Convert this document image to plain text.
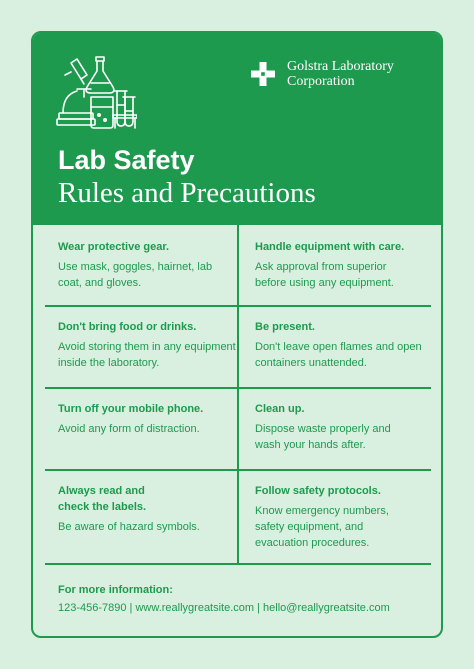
Golstra Laboratory
Corporation
Lab Safety
Rules and Precautions
Wear protective gear.
Use mask, goggles, hairnet, lab coat, and gloves.
Handle equipment with care.
Ask approval from superior before using any equipment.
Don't bring food or drinks.
Avoid storing them in any equipment inside the laboratory.
Be present.
Don't leave open flames and open containers unattended.
Turn off your mobile phone.
Avoid any form of distraction.
Clean up.
Dispose waste properly and wash your hands after.
Always read and check the labels.
Be aware of hazard symbols.
Follow safety protocols.
Know emergency numbers, safety equipment, and evacuation procedures.
For more information:
123-456-7890 | www.reallygreatsite.com | hello@reallygreatsite.com
